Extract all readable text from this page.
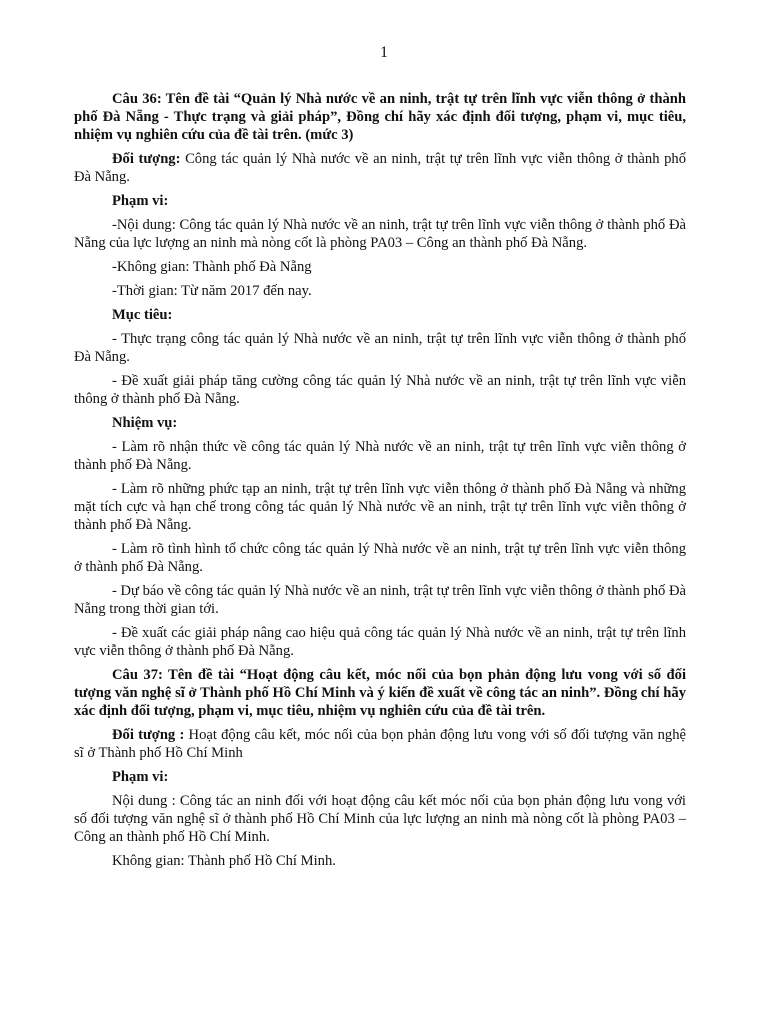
1

Câu 36: Tên đề tài “Quản lý Nhà nước về an ninh, trật tự trên lĩnh vực viễn thông ở thành phố Đà Nẵng - Thực trạng và giải pháp”, Đồng chí hãy xác định đối tượng, phạm vi, mục tiêu, nhiệm vụ nghiên cứu của đề tài trên. (mức 3)

Đối tượng: Công tác quản lý Nhà nước về an ninh, trật tự trên lĩnh vực viễn thông ở thành phố Đà Nẵng.

Phạm vi:

-Nội dung: Công tác quản lý Nhà nước về an ninh, trật tự trên lĩnh vực viễn thông ở thành phố Đà Nẵng của lực lượng an ninh mà nòng cốt là phòng PA03 – Công an thành phố Đà Nẵng.

-Không gian: Thành phố Đà Nẵng

-Thời gian: Từ năm 2017 đến nay.

Mục tiêu:

- Thực trạng công tác quản lý Nhà nước về an ninh, trật tự trên lĩnh vực viễn thông ở thành phố Đà Nẵng.

- Đề xuất giải pháp tăng cường công tác quản lý Nhà nước về an ninh, trật tự trên lĩnh vực viễn thông ở thành phố Đà Nẵng.

Nhiệm vụ:

- Làm rõ nhận thức về công tác quản lý Nhà nước về an ninh, trật tự trên lĩnh vực viễn thông ở thành phố Đà Nẵng.

- Làm rõ những phức tạp an ninh, trật tự trên lĩnh vực viễn thông ở thành phố Đà Nẵng và những mặt tích cực và hạn chế trong công tác quản lý Nhà nước về an ninh, trật tự trên lĩnh vực viễn thông ở thành phố Đà Nẵng.

- Làm rõ tình hình tổ chức công tác quản lý Nhà nước về an ninh, trật tự trên lĩnh vực viễn thông ở thành phố Đà Nẵng.

- Dự báo về công tác quản lý Nhà nước về an ninh, trật tự trên lĩnh vực viễn thông ở thành phố Đà Nẵng trong thời gian tới.

- Đề xuất các giải pháp nâng cao hiệu quả công tác quản lý Nhà nước về an ninh, trật tự trên lĩnh vực viễn thông ở thành phố Đà Nẵng.

Câu 37: Tên đề tài “Hoạt động câu kết, móc nối của bọn phản động lưu vong với số đối tượng văn nghệ sĩ ở Thành phố Hồ Chí Minh và ý kiến đề xuất về công tác an ninh”. Đồng chí hãy xác định đối tượng, phạm vi, mục tiêu, nhiệm vụ nghiên cứu của đề tài trên.

Đối tượng : Hoạt động câu kết, móc nối của bọn phản động lưu vong với số đối tượng văn nghệ sĩ ở Thành phố Hồ Chí Minh

Phạm vi:

Nội dung : Công tác an ninh đối với hoạt động câu kết móc nối của bọn phản động lưu vong với số đối tượng văn nghệ sĩ ở thành phố Hồ Chí Minh của lực lượng an ninh mà nòng cốt là phòng PA03 – Công an thành phố Hồ Chí Minh.

Không gian: Thành phố Hồ Chí Minh.
